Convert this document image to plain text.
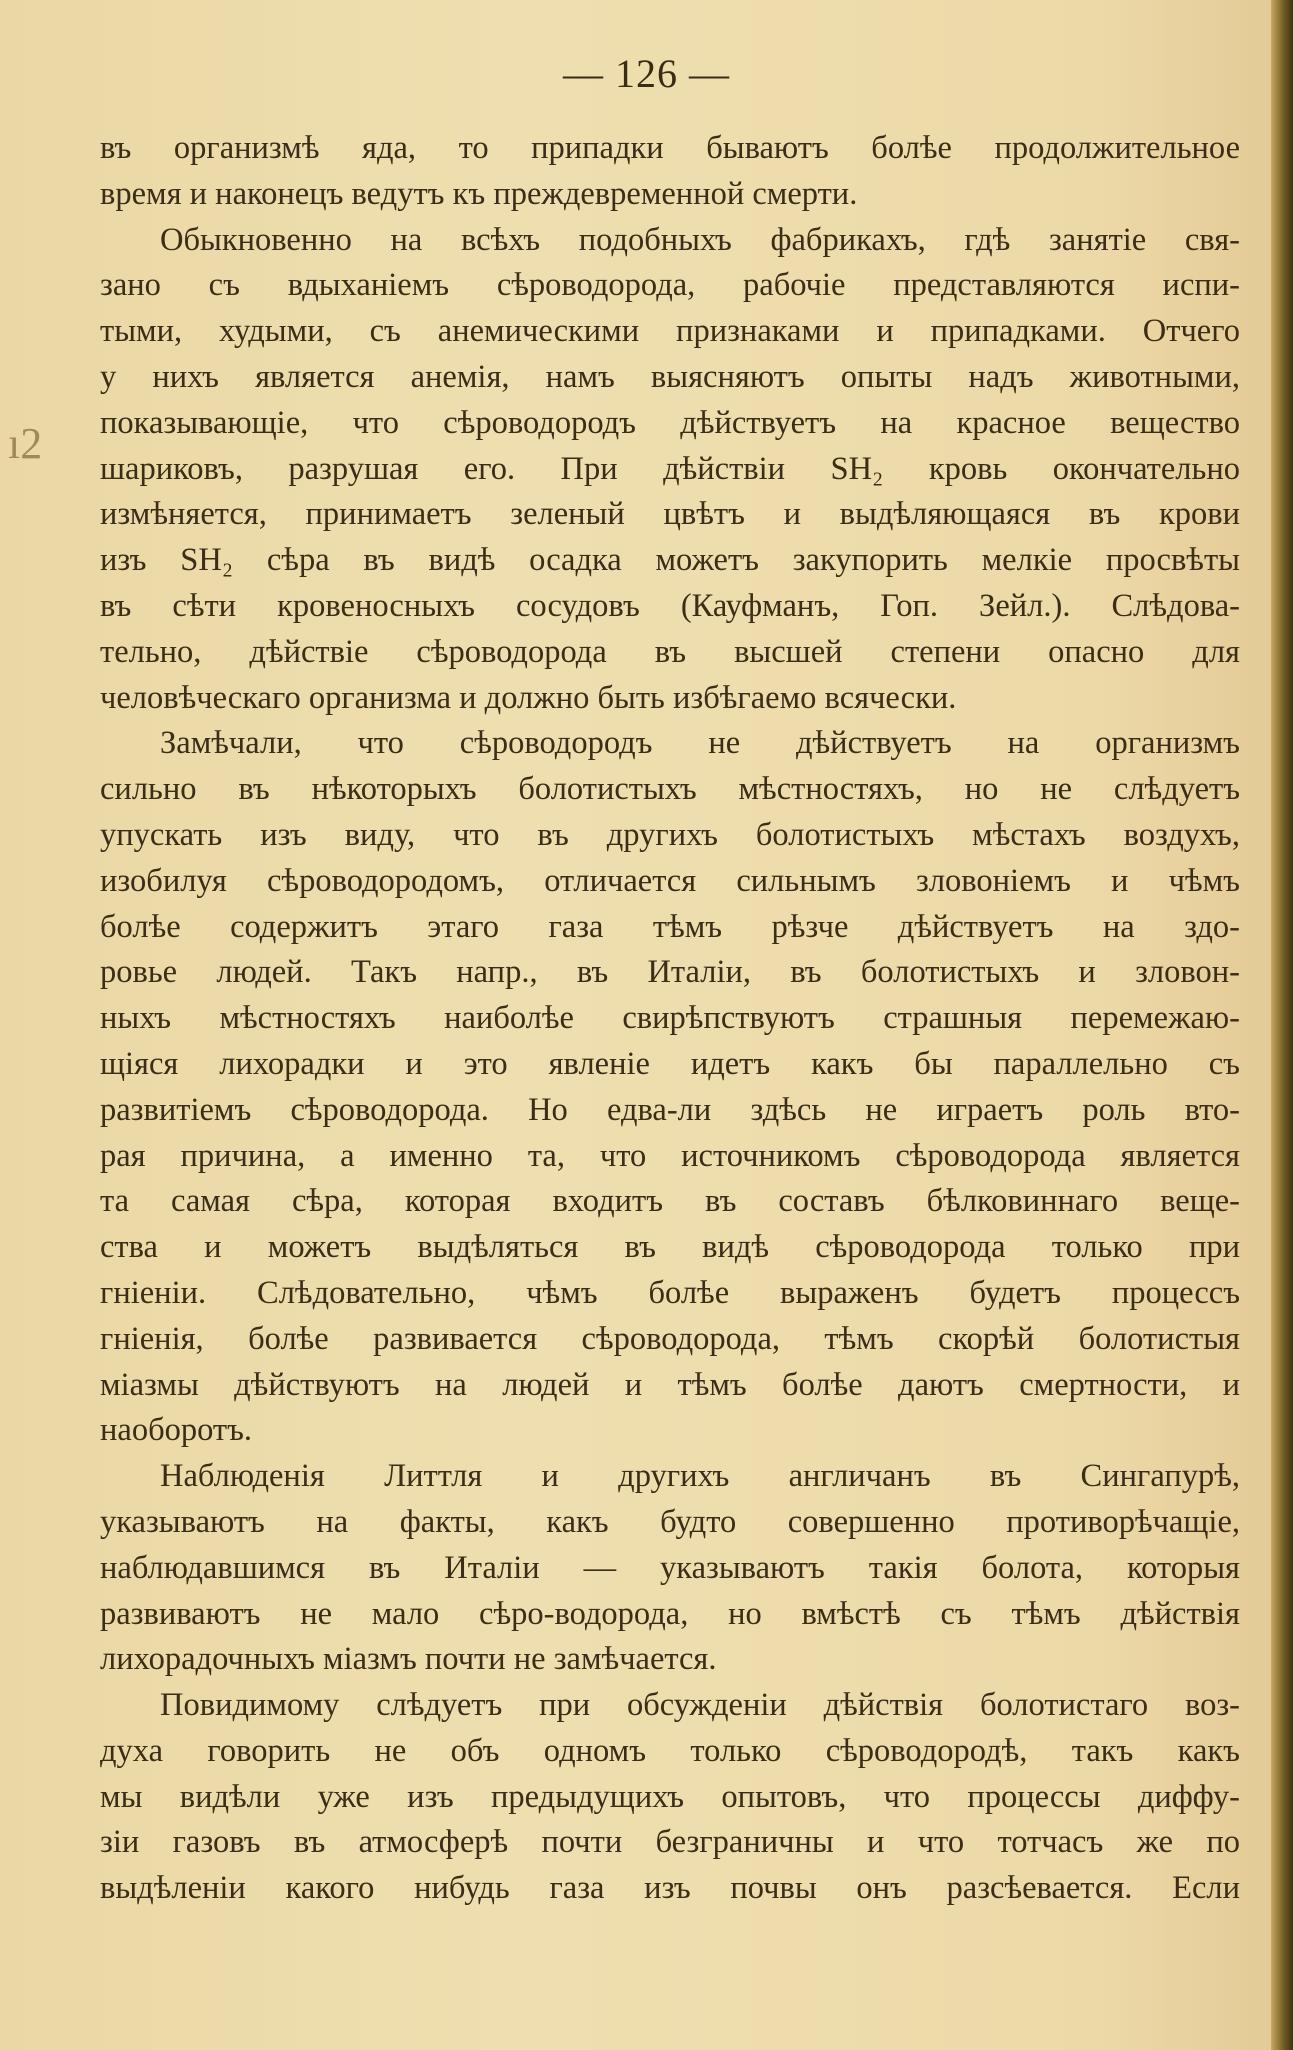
— 126 —
ı2
въ организмѣ яда, то припадки бываютъ болѣе продолжительное
время и наконецъ ведутъ къ преждевременной смерти.
Обыкновенно на всѣхъ подобныхъ фабрикахъ, гдѣ занятіе свя-
зано съ вдыханіемъ сѣроводорода, рабочіе представляются испи-
тыми, худыми, съ анемическими признаками и припадками. Отчего
у нихъ является анемія, намъ выясняютъ опыты надъ животными,
показывающіе, что сѣроводородъ дѣйствуетъ на красное вещество
шариковъ, разрушая его. При дѣйствіи SH₂ кровь окончательно
измѣняется, принимаетъ зеленый цвѣтъ и выдѣляющаяся въ крови
изъ SH₂ сѣра въ видѣ осадка можетъ закупорить мелкіе просвѣты
въ сѣти кровеносныхъ сосудовъ (Кауфманъ, Гоп. Зейл.). Слѣдова-
тельно, дѣйствіе сѣроводорода въ высшей степени опасно для
человѣческаго организма и должно быть избѣгаемо всячески.
Замѣчали, что сѣроводородъ не дѣйствуетъ на организмъ
сильно въ нѣкоторыхъ болотистыхъ мѣстностяхъ, но не слѣдуетъ
упускать изъ виду, что въ другихъ болотистыхъ мѣстахъ воздухъ,
изобилуя сѣроводородомъ, отличается сильнымъ зловоніемъ и чѣмъ
болѣе содержитъ этаго газа тѣмъ рѣзче дѣйствуетъ на здо-
ровье людей. Такъ напр., въ Италіи, въ болотистыхъ и зловон-
ныхъ мѣстностяхъ наиболѣе свирѣпствуютъ страшныя перемежаю-
щіяся лихорадки и это явленіе идетъ какъ бы параллельно съ
развитіемъ сѣроводорода. Но едва-ли здѣсь не играетъ роль вто-
рая причина, а именно та, что источникомъ сѣроводорода является
та самая сѣра, которая входитъ въ составъ бѣлковиннаго веще-
ства и можетъ выдѣляться въ видѣ сѣроводорода только при
гніеніи. Слѣдовательно, чѣмъ болѣе выраженъ будетъ процессъ
гніенія, болѣе развивается сѣроводорода, тѣмъ скорѣй болотистыя
міазмы дѣйствуютъ на людей и тѣмъ болѣе даютъ смертности, и
наоборотъ.
Наблюденія Литтля и другихъ англичанъ въ Сингапурѣ,
указываютъ на факты, какъ будто совершенно противорѣчащіе,
наблюдавшимся въ Италіи — указываютъ такія болота, которыя
развиваютъ не мало сѣро-водорода, но вмѣстѣ съ тѣмъ дѣйствія
лихорадочныхъ міазмъ почти не замѣчается.
Повидимому слѣдуетъ при обсужденіи дѣйствія болотистаго воз-
духа говорить не объ одномъ только сѣроводородѣ, такъ какъ
мы видѣли уже изъ предыдущихъ опытовъ, что процессы диффу-
зіи газовъ въ атмосферѣ почти безграничны и что тотчасъ же по
выдѣленіи какого нибудь газа изъ почвы онъ разсѣевается. Если
